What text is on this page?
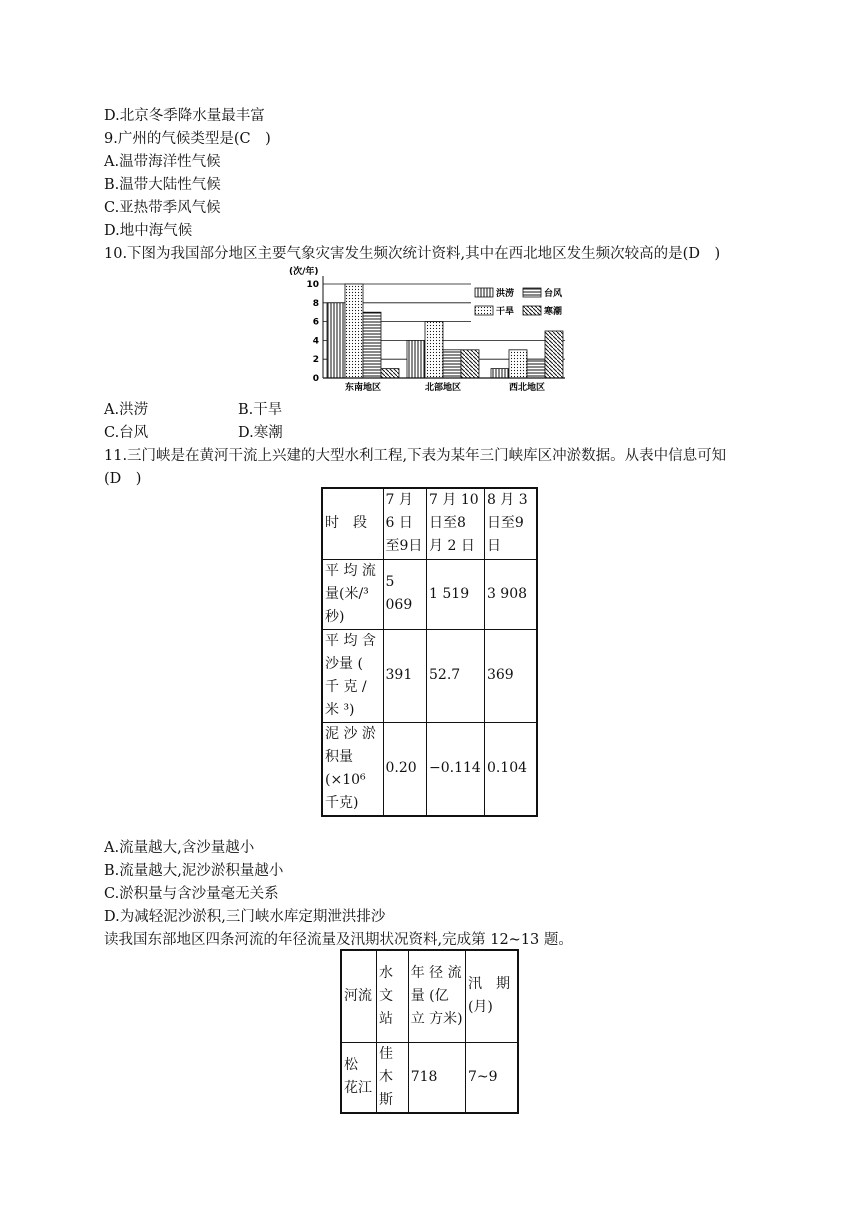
D.北京冬季降水量最丰富
9.广州的气候类型是(C　)
A.温带海洋性气候
B.温带大陆性气候
C.亚热带季风气候
D.地中海气候
10.下图为我国部分地区主要气象灾害发生频次统计资料,其中在西北地区发生频次较高的是(D　)
(次/年)
0
2
4
6
8
10
东南地区	北部地区	西北地区
洪涝	台风
干旱	寒潮
A.洪涝	B.干旱
C.台风	D.寒潮
11.三门峡是在黄河干流上兴建的大型水利工程,下表为某年三门峡库区冲淤数据。从表中信息可知
(D　)
时　段	7 月 6 日至9日	7 月 10 日至8 月 2 日	8 月 3 日至9 日
平 均 流 量(米/³秒)	5 069	1 519	3 908
平 均 含 沙量 ( 千 克 / 米 ³)	391	52.7	369
泥 沙 淤 积量 (×10⁶ 千克)	0.20	−0.114	0.104
A.流量越大,含沙量越小
B.流量越大,泥沙淤积量越小
C.淤积量与含沙量毫无关系
D.为减轻泥沙淤积,三门峡水库定期泄洪排沙
读我国东部地区四条河流的年径流量及汛期状况资料,完成第 12~13 题。
河流	水 文站	年 径 流量 (亿 立 方米)	汛　期(月)
松 花江	佳 木斯	718	7~9
